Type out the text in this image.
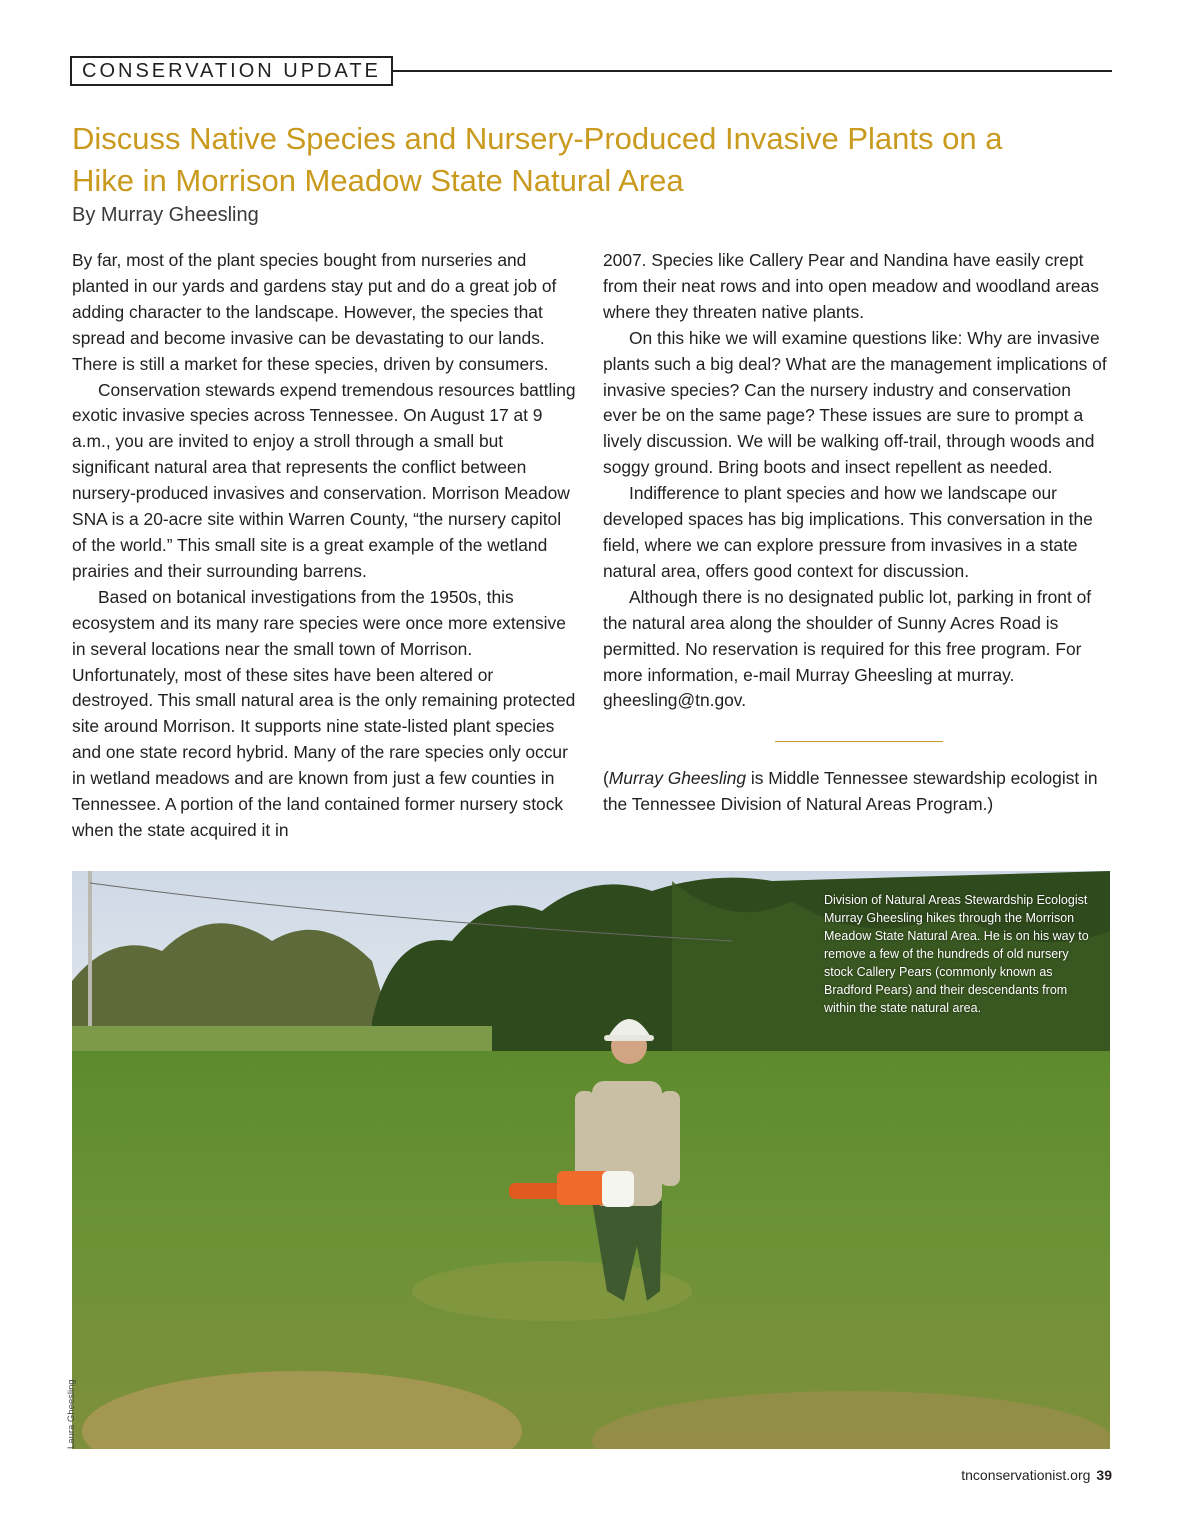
CONSERVATION UPDATE
Discuss Native Species and Nursery-Produced Invasive Plants on a Hike in Morrison Meadow State Natural Area
By Murray Gheesling

By far, most of the plant species bought from nurseries and planted in our yards and gardens stay put and do a great job of adding character to the landscape. However, the species that spread and become invasive can be devastating to our lands. There is still a market for these species, driven by consumers.

Conservation stewards expend tremendous resources battling exotic invasive species across Tennessee. On August 17 at 9 a.m., you are invited to enjoy a stroll through a small but significant natural area that represents the conflict between nursery-produced invasives and conservation. Morrison Meadow SNA is a 20-acre site within Warren County, “the nursery capitol of the world.” This small site is a great example of the wetland prairies and their surrounding barrens.

Based on botanical investigations from the 1950s, this ecosystem and its many rare species were once more extensive in several locations near the small town of Morrison. Unfortunately, most of these sites have been altered or destroyed. This small natural area is the only remaining protected site around Morrison. It supports nine state-listed plant species and one state record hybrid. Many of the rare species only occur in wetland meadows and are known from just a few counties in Tennessee. A portion of the land contained former nursery stock when the state acquired it in

2007. Species like Callery Pear and Nandina have easily crept from their neat rows and into open meadow and woodland areas where they threaten native plants.

On this hike we will examine questions like: Why are invasive plants such a big deal? What are the management implications of invasive species? Can the nursery industry and conservation ever be on the same page? These issues are sure to prompt a lively discussion. We will be walking off-trail, through woods and soggy ground. Bring boots and insect repellent as needed.

Indifference to plant species and how we landscape our developed spaces has big implications. This conversation in the field, where we can explore pressure from invasives in a state natural area, offers good context for discussion.

Although there is no designated public lot, parking in front of the natural area along the shoulder of Sunny Acres Road is permitted. No reservation is required for this free program. For more information, e-mail Murray Gheesling at murray. gheesling@tn.gov.

(Murray Gheesling is Middle Tennessee stewardship ecologist in the Tennessee Division of Natural Areas Program.)

Division of Natural Areas Stewardship Ecologist Murray Gheesling hikes through the Morrison Meadow State Natural Area. He is on his way to remove a few of the hundreds of old nursery stock Callery Pears (commonly known as Bradford Pears) and their descendants from within the state natural area.
Laura Gheesling
tnconservationist.org 39
